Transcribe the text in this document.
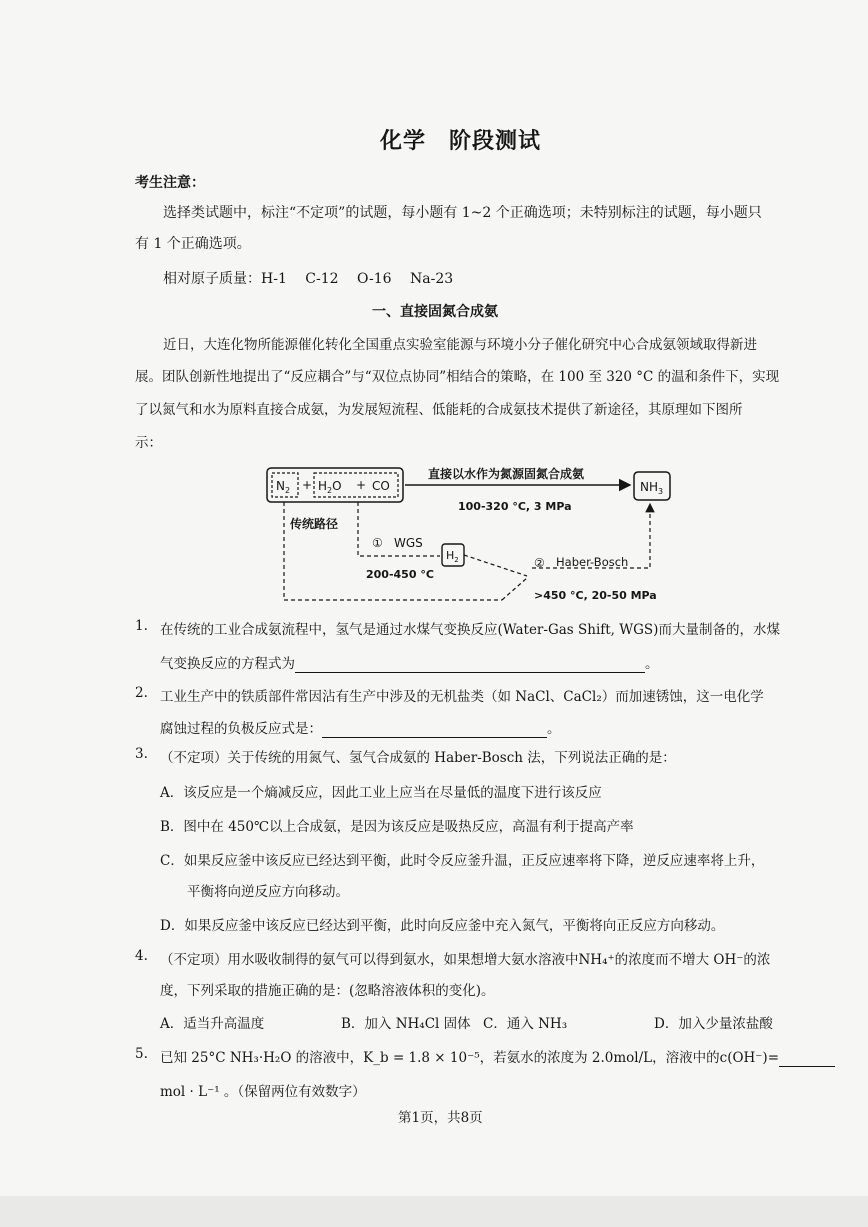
化学　阶段测试
考生注意：
选择类试题中，标注“不定项”的试题，每小题有 1~2 个正确选项；未特别标注的试题，每小题只
有 1 个正确选项。
相对原子质量：H-1　 C-12　 O-16　 Na-23
一、直接固氮合成氨
近日，大连化物所能源催化转化全国重点实验室能源与环境小分子催化研究中心合成氨领域取得新进
展。团队创新性地提出了“反应耦合”与“双位点协同”相结合的策略，在 100 至 320 °C 的温和条件下，实现
了以氮气和水为原料直接合成氨，为发展短流程、低能耗的合成氨技术提供了新途径，其原理如下图所
示：
$N_2 + H_2O$ + CO
直接以水作为氮源固氮合成氨
100-320 °C, 3 MPa
$NH_3$
传统路径
① WGS
200-450 °C
$H_2$	② Haber-Bosch
>450 °C, 20-50 MPa
1. 在传统的工业合成氨流程中，氢气是通过水煤气变换反应(Water-Gas Shift, WGS)而大量制备的，水煤
气变换反应的方程式为	。
2. 工业生产中的铁质部件常因沾有生产中涉及的无机盐类（如 NaCl、CaCl₂）而加速锈蚀，这一电化学
腐蚀过程的负极反应式是：	。
3. （不定项）关于传统的用氮气、氢气合成氨的 Haber-Bosch 法，下列说法正确的是：
A．该反应是一个熵减反应，因此工业上应当在尽量低的温度下进行该反应
B．图中在 450℃以上合成氨，是因为该反应是吸热反应，高温有利于提高产率
C．如果反应釜中该反应已经达到平衡，此时令反应釜升温，正反应速率将下降，逆反应速率将上升，
平衡将向逆反应方向移动。
D．如果反应釜中该反应已经达到平衡，此时向反应釜中充入氮气，平衡将向正反应方向移动。
4. （不定项）用水吸收制得的氨气可以得到氨水，如果想增大氨水溶液中NH₄⁺的浓度而不增大 OH⁻的浓
度，下列采取的措施正确的是：(忽略溶液体积的变化)。
A．适当升高温度	B．加入 NH₄Cl 固体 C．通入 NH₃	D．加入少量浓盐酸
5. 已知 25°C NH₃·H₂O 的溶液中，K_b = 1.8 × 10⁻⁵，若氨水的浓度为 2.0mol/L，溶液中的c(OH⁻)=
mol · L⁻¹ 。（保留两位有效数字）
第1页，共8页
